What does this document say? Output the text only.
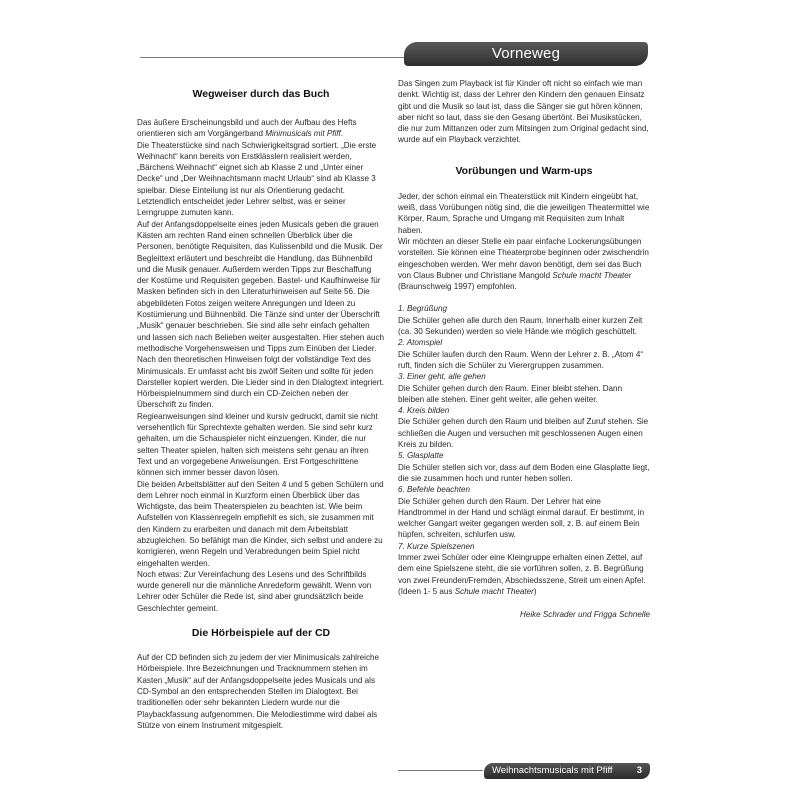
Vorneweg
Wegweiser durch das Buch

Das äußere Erscheinungsbild und auch der Aufbau des Hefts orientieren sich am Vorgängerband Minimusicals mit Pfiff.

Die Theaterstücke sind nach Schwierigkeitsgrad sortiert. „Die erste Weihnacht“ kann bereits von Erstklässlern realisiert werden, „Bärchens Weihnacht“ eignet sich ab Klasse 2 und „Unter einer Decke“ und „Der Weihnachtsmann macht Urlaub“ sind ab Klasse 3 spielbar. Diese Einteilung ist nur als Orientierung gedacht. Letztendlich entscheidet jeder Lehrer selbst, was er seiner Lerngruppe zumuten kann.

Auf der Anfangsdoppelseite eines jeden Musicals geben die grauen Kästen am rechten Rand einen schnellen Überblick über die Personen, benötigte Requisiten, das Kulissenbild und die Musik. Der Begleittext erläutert und beschreibt die Handlung, das Bühnenbild und die Musik genauer. Außerdem werden Tipps zur Beschaffung der Kostüme und Requisiten gegeben. Bastel- und Kaufhinweise für Masken befinden sich in den Literaturhinweisen auf Seite 56. Die abgebildeten Fotos zeigen weitere Anregungen und Ideen zu Kostümierung und Bühnenbild. Die Tänze sind unter der Überschrift „Musik“ genauer beschrieben. Sie sind alle sehr einfach gehalten und lassen sich nach Belieben weiter ausgestalten. Hier stehen auch methodische Vorgehensweisen und Tipps zum Einüben der Lieder.

Nach den theoretischen Hinweisen folgt der vollständige Text des Minimusicals. Er umfasst acht bis zwölf Seiten und sollte für jeden Darsteller kopiert werden. Die Lieder sind in den Dialogtext integriert. Hörbeispielnummern sind durch ein CD-Zeichen neben der Überschrift zu finden.

Regieanweisungen sind kleiner und kursiv gedruckt, damit sie nicht versehentlich für Sprechtexte gehalten werden. Sie sind sehr kurz gehalten, um die Schauspieler nicht einzuengen. Kinder, die nur selten Theater spielen, halten sich meistens sehr genau an ihren Text und an vorgegebene Anweisungen. Erst Fortgeschrittene können sich immer besser davon lösen.

Die beiden Arbeitsblätter auf den Seiten 4 und 5 geben Schülern und dem Lehrer noch einmal in Kurzform einen Überblick über das Wichtigste, das beim Theaterspielen zu beachten ist. Wie beim Aufstellen von Klassenregeln empfiehlt es sich, sie zusammen mit den Kindern zu erarbeiten und danach mit dem Arbeitsblatt abzugleichen. So befähigt man die Kinder, sich selbst und andere zu korrigieren, wenn Regeln und Verabredungen beim Spiel nicht eingehalten werden.

Noch etwas: Zur Vereinfachung des Lesens und des Schriftbilds wurde generell nur die männliche Anredeform gewählt. Wenn von Lehrer oder Schüler die Rede ist, sind aber grundsätzlich beide Geschlechter gemeint.

Die Hörbeispiele auf der CD

Auf der CD befinden sich zu jedem der vier Minimusicals zahlreiche Hörbeispiele. Ihre Bezeichnungen und Tracknummern stehen im Kasten „Musik“ auf der Anfangsdoppelseite jedes Musicals und als CD-Symbol an den entsprechenden Stellen im Dialogtext. Bei traditionellen oder sehr bekannten Liedern wurde nur die Playbackfassung aufgenommen. Die Melodiestimme wird dabei als Stütze von einem Instrument mitgespielt.

Das Singen zum Playback ist für Kinder oft nicht so einfach wie man denkt. Wichtig ist, dass der Lehrer den Kindern den genauen Einsatz gibt und die Musik so laut ist, dass die Sänger sie gut hören können, aber nicht so laut, dass sie den Gesang übertönt. Bei Musikstücken, die nur zum Mittanzen oder zum Mitsingen zum Original gedacht sind, wurde auf ein Playback verzichtet.

Vorübungen und Warm-ups

Jeder, der schon einmal ein Theaterstück mit Kindern eingeübt hat, weiß, dass Vorübungen nötig sind, die die jeweiligen Theatermittel wie Körper, Raum, Sprache und Umgang mit Requisiten zum Inhalt haben.

Wir möchten an dieser Stelle ein paar einfache Lockerungsübungen vorstellen. Sie können eine Theaterprobe beginnen oder zwischendrin eingeschoben werden. Wer mehr davon benötigt, dem sei das Buch von Claus Bubner und Christiane Mangold Schule macht Theater (Braunschweig 1997) empfohlen.

1. Begrüßung

Die Schüler gehen alle durch den Raum. Innerhalb einer kurzen Zeit (ca. 30 Sekunden) werden so viele Hände wie möglich geschüttelt.

2. Atomspiel

Die Schüler laufen durch den Raum. Wenn der Lehrer z. B. „Atom 4“ ruft, finden sich die Schüler zu Vierergruppen zusammen.

3. Einer geht, alle gehen

Die Schüler gehen durch den Raum. Einer bleibt stehen. Dann bleiben alle stehen. Einer geht weiter, alle gehen weiter.

4. Kreis bilden

Die Schüler gehen durch den Raum und bleiben auf Zuruf stehen. Sie schließen die Augen und versuchen mit geschlossenen Augen einen Kreis zu bilden.

5. Glasplatte

Die Schüler stellen sich vor, dass auf dem Boden eine Glasplatte liegt, die sie zusammen hoch und runter heben sollen.

6. Befehle beachten

Die Schüler gehen durch den Raum. Der Lehrer hat eine Handtrommel in der Hand und schlägt einmal darauf. Er bestimmt, in welcher Gangart weiter gegangen werden soll, z. B. auf einem Bein hüpfen, schreiten, schlurfen usw.

7. Kurze Spielszenen

Immer zwei Schüler oder eine Kleingruppe erhalten einen Zettel, auf dem eine Spielszene steht, die sie vorführen sollen, z. B. Begrüßung von zwei Freunden/Fremden, Abschiedsszene, Streit um einen Apfel.

(Ideen 1- 5 aus Schule macht Theater)

Heike Schrader und Frigga Schnelle

Weihnachtsmusicals mit Pfiff	3
